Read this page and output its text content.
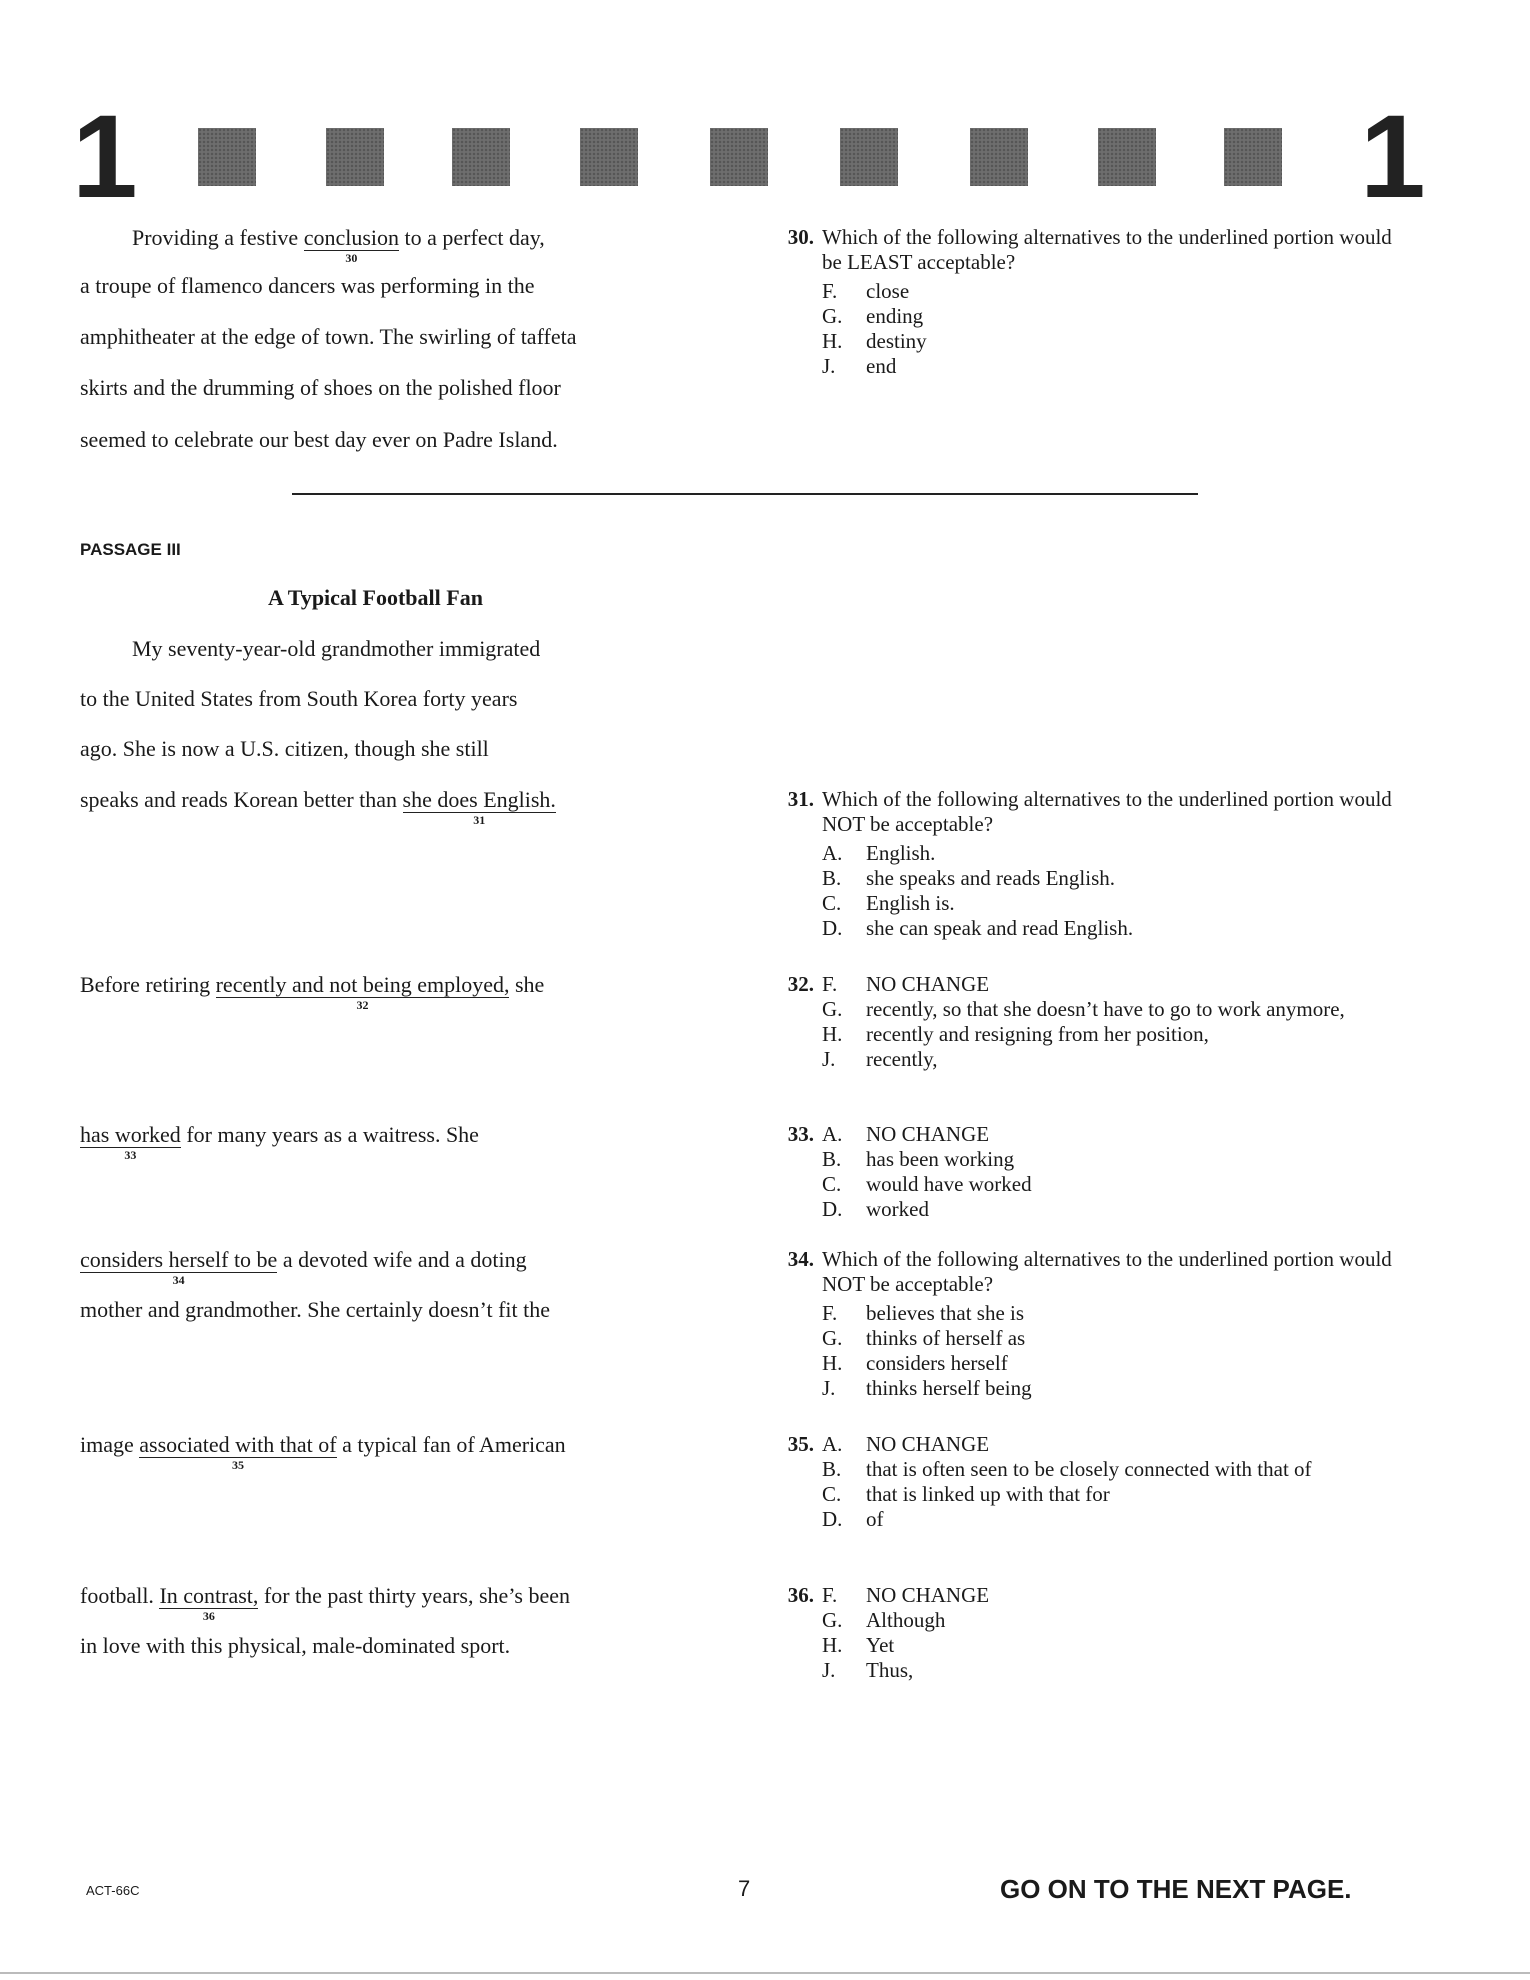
1	1
Providing a festive conclusion
30
to a perfect day,
a troupe of flamenco dancers was performing in the
amphitheater at the edge of town. The swirling of taffeta
skirts and the drumming of shoes on the polished floor
seemed to celebrate our best day ever on Padre Island.
PASSAGE III
A Typical Football Fan
My seventy-year-old grandmother immigrated
to the United States from South Korea forty years
ago. She is now a U.S. citizen, though she still
speaks and reads Korean better than she does English.
31
Before retiring recently and not being employed,
32
she
has worked
33
for many years as a waitress. She
considers herself to be
34
a devoted wife and a doting
mother and grandmother. She certainly doesn’t fit the
image associated with that of
35
a typical fan of American
football. In contrast,
36
for the past thirty years, she’s been
in love with this physical, male-dominated sport.
30. Which of the following alternatives to the underlined portion would be LEAST acceptable?
F.	close
G.	ending
H.	destiny
J.	end
31. Which of the following alternatives to the underlined portion would NOT be acceptable?
A.	English.
B.	she speaks and reads English.
C.	English is.
D.	she can speak and read English.
32. F.	NO CHANGE
G.	recently, so that she doesn’t have to go to work anymore,
H.	recently and resigning from her position,
J.	recently,
33. A.	NO CHANGE
B.	has been working
C.	would have worked
D.	worked
34. Which of the following alternatives to the underlined portion would NOT be acceptable?
F.	believes that she is
G.	thinks of herself as
H.	considers herself
J.	thinks herself being
35. A.	NO CHANGE
B.	that is often seen to be closely connected with that of
C.	that is linked up with that for
D.	of
36. F.	NO CHANGE
G.	Although
H.	Yet
J.	Thus,
ACT-66C	7	GO ON TO THE NEXT PAGE.
